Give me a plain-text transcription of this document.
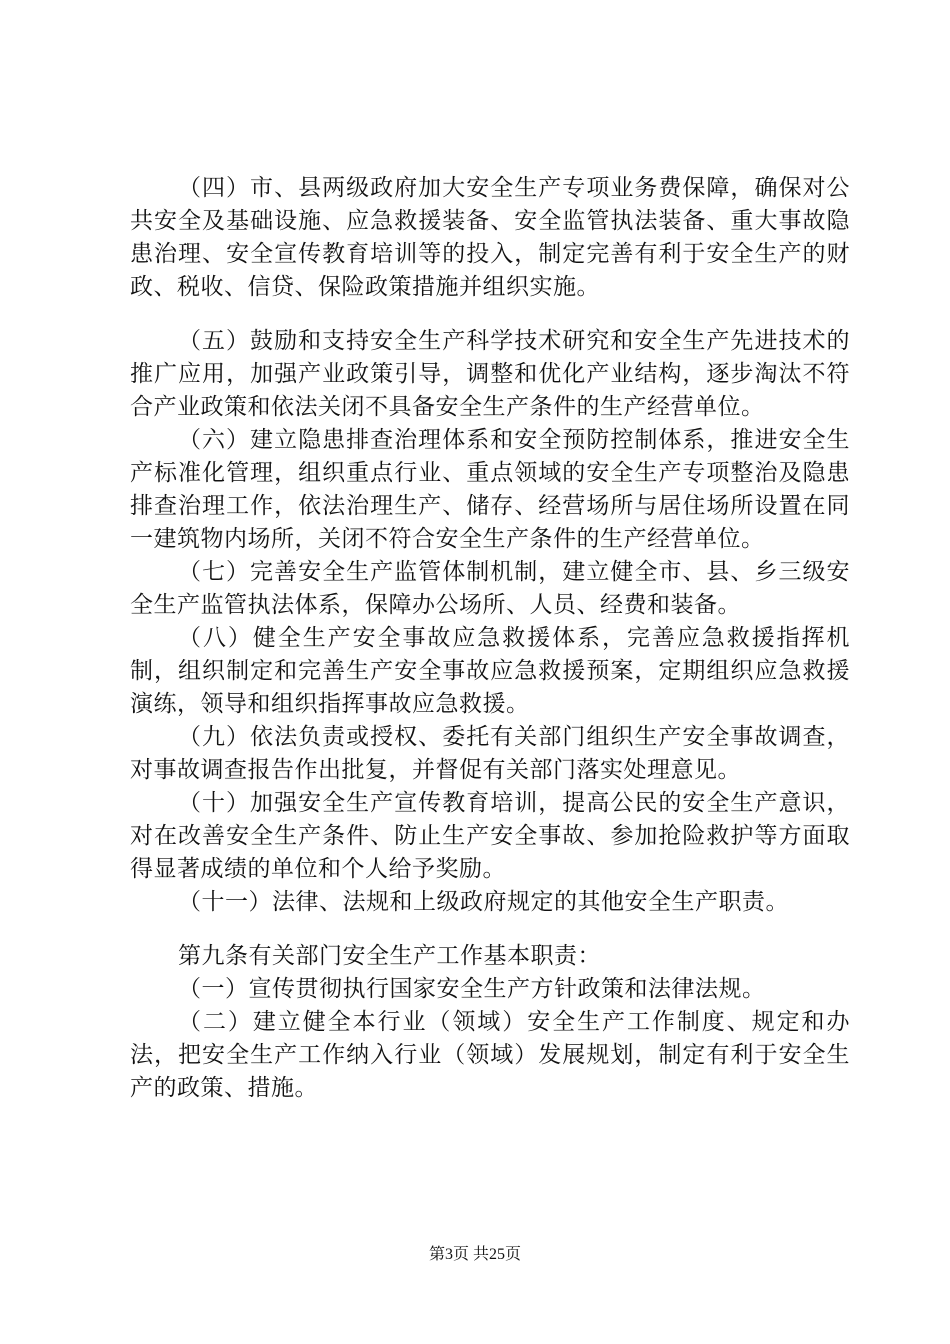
（四）市、县两级政府加大安全生产专项业务费保障，确保对公共安全及基础设施、应急救援装备、安全监管执法装备、重大事故隐患治理、安全宣传教育培训等的投入，制定完善有利于安全生产的财政、税收、信贷、保险政策措施并组织实施。

（五）鼓励和支持安全生产科学技术研究和安全生产先进技术的推广应用，加强产业政策引导，调整和优化产业结构，逐步淘汰不符合产业政策和依法关闭不具备安全生产条件的生产经营单位。

（六）建立隐患排查治理体系和安全预防控制体系，推进安全生产标准化管理，组织重点行业、重点领域的安全生产专项整治及隐患排查治理工作，依法治理生产、储存、经营场所与居住场所设置在同一建筑物内场所，关闭不符合安全生产条件的生产经营单位。

（七）完善安全生产监管体制机制，建立健全市、县、乡三级安全生产监管执法体系，保障办公场所、人员、经费和装备。

（八）健全生产安全事故应急救援体系，完善应急救援指挥机制，组织制定和完善生产安全事故应急救援预案，定期组织应急救援演练，领导和组织指挥事故应急救援。

（九）依法负责或授权、委托有关部门组织生产安全事故调查，对事故调查报告作出批复，并督促有关部门落实处理意见。

（十）加强安全生产宣传教育培训，提高公民的安全生产意识，对在改善安全生产条件、防止生产安全事故、参加抢险救护等方面取得显著成绩的单位和个人给予奖励。

（十一）法律、法规和上级政府规定的其他安全生产职责。

第九条有关部门安全生产工作基本职责：

（一）宣传贯彻执行国家安全生产方针政策和法律法规。

（二）建立健全本行业（领域）安全生产工作制度、规定和办法，把安全生产工作纳入行业（领域）发展规划，制定有利于安全生产的政策、措施。

第3页 共25页
